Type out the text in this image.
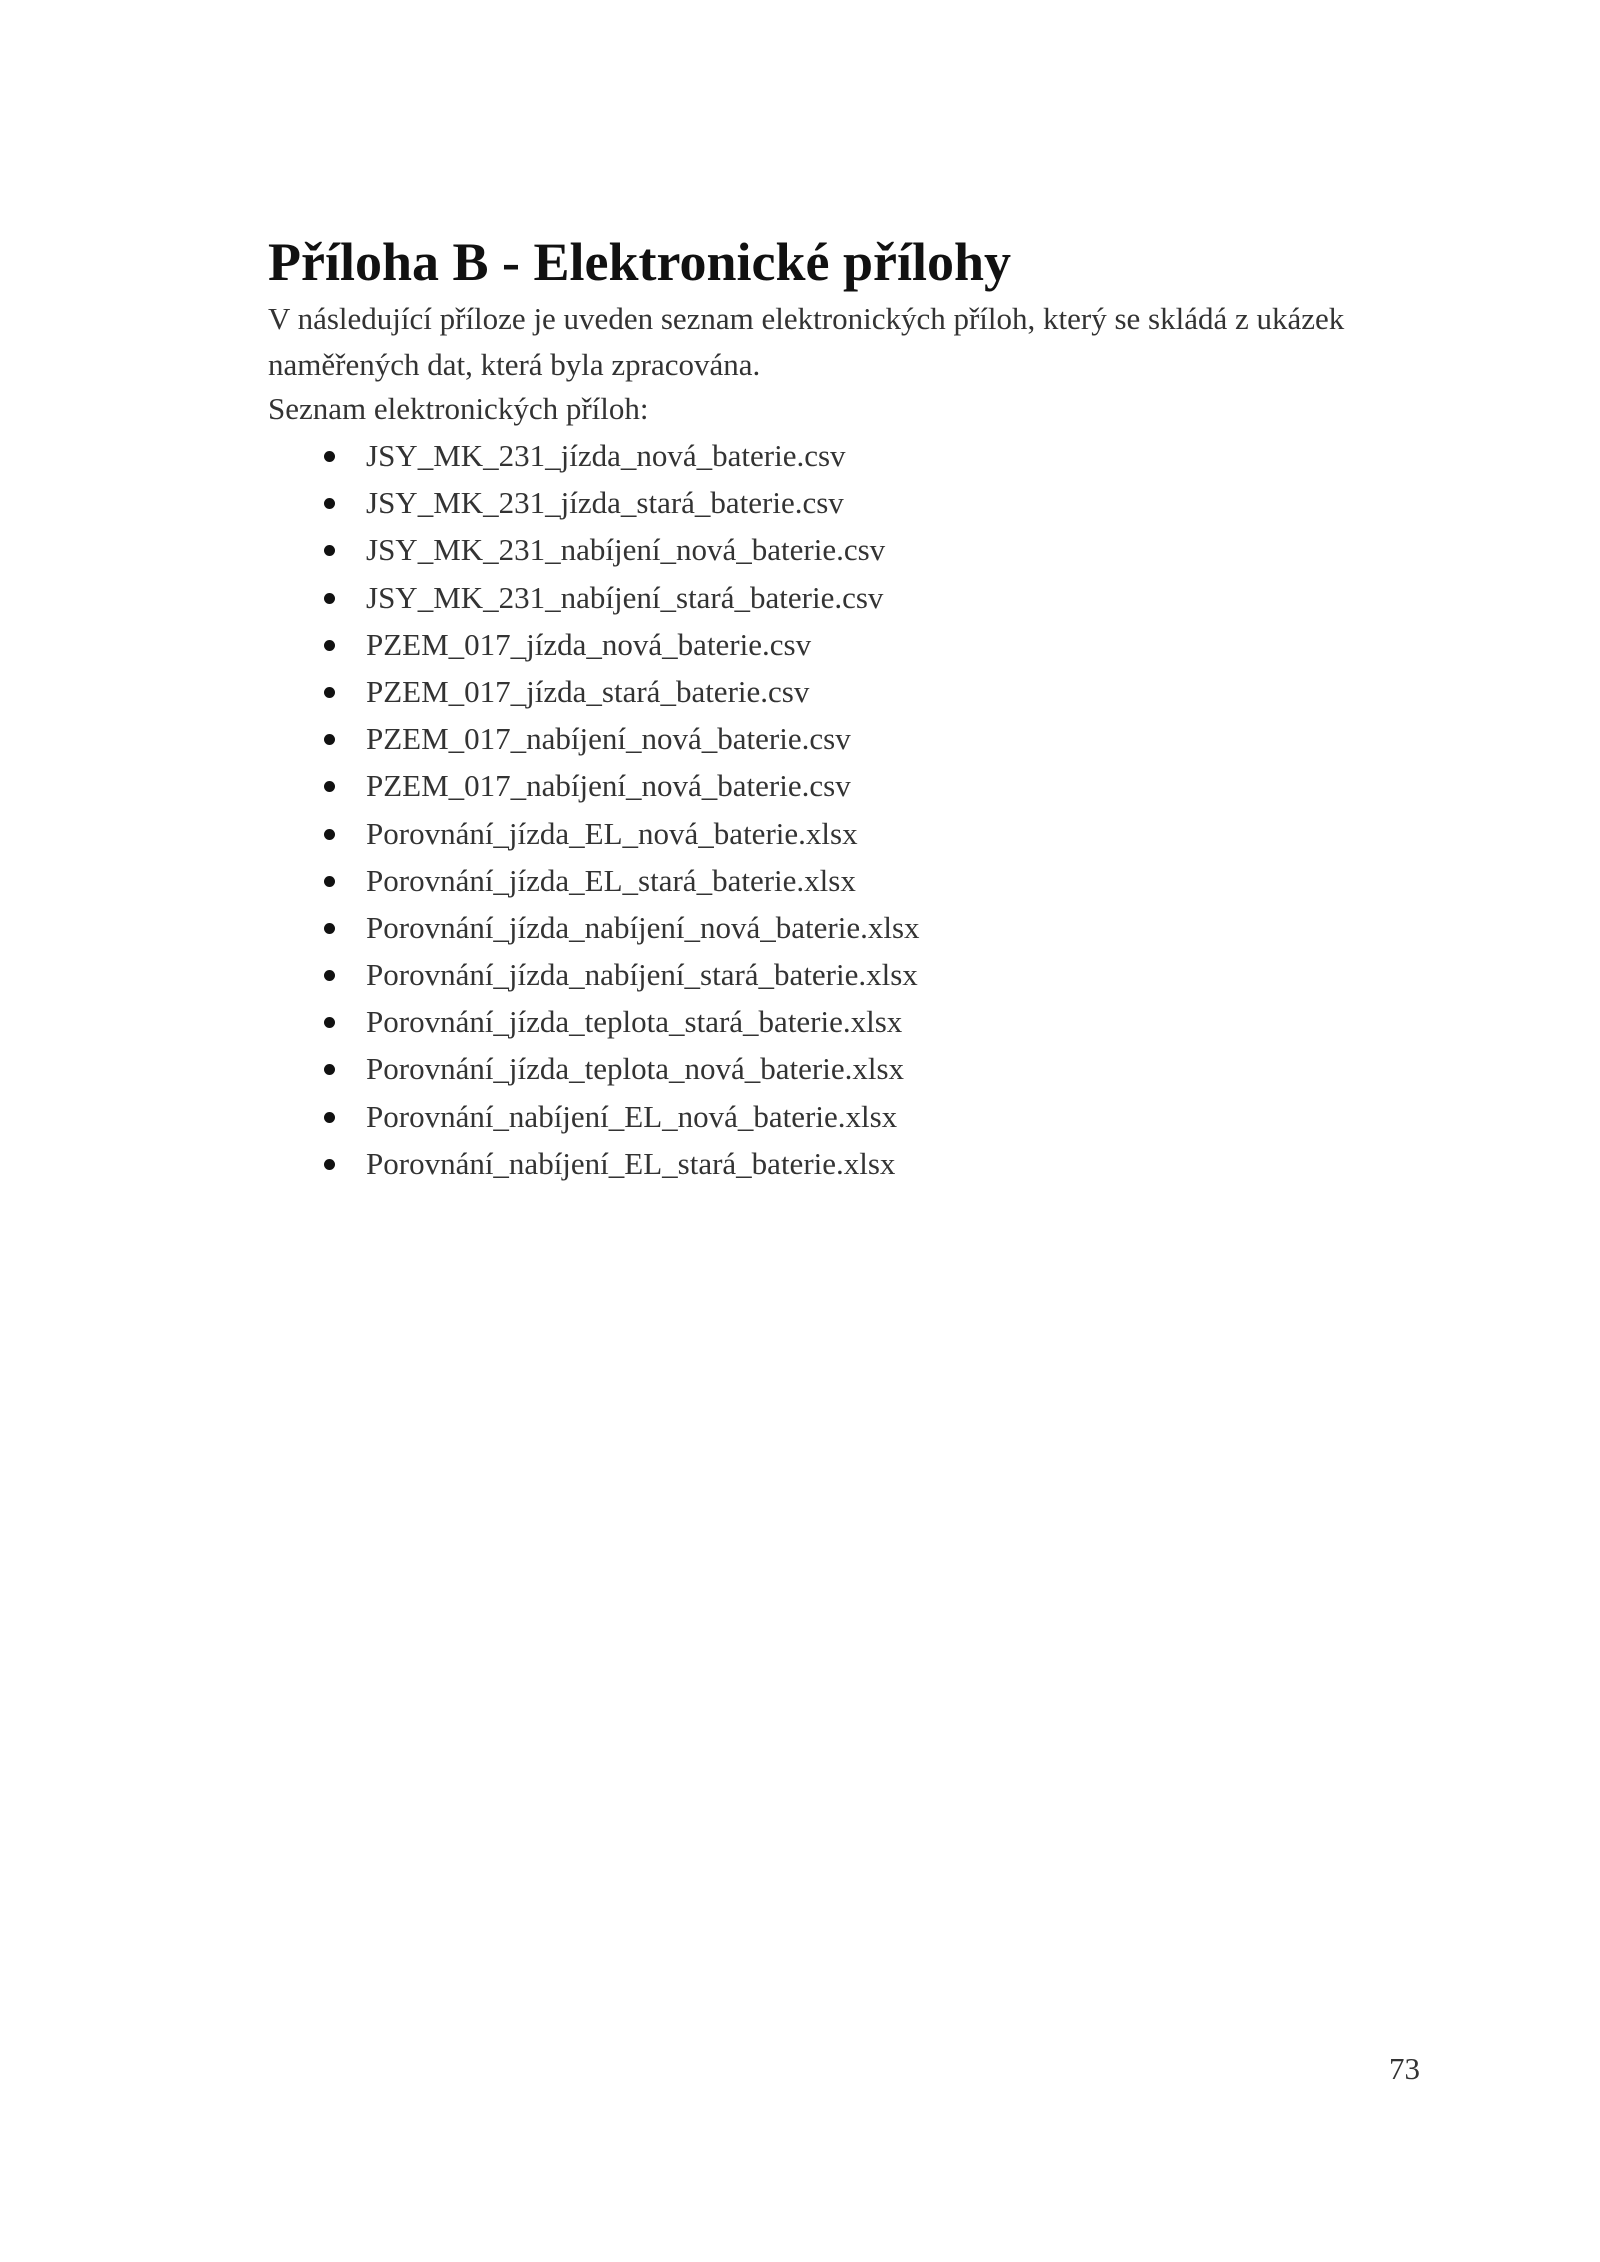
Příloha B - Elektronické přílohy

V následující příloze je uveden seznam elektronických příloh, který se skládá z ukázek naměřených dat, která byla zpracována.

Seznam elektronických příloh:

JSY_MK_231_jízda_nová_baterie.csv
JSY_MK_231_jízda_stará_baterie.csv
JSY_MK_231_nabíjení_nová_baterie.csv
JSY_MK_231_nabíjení_stará_baterie.csv
PZEM_017_jízda_nová_baterie.csv
PZEM_017_jízda_stará_baterie.csv
PZEM_017_nabíjení_nová_baterie.csv
PZEM_017_nabíjení_nová_baterie.csv
Porovnání_jízda_EL_nová_baterie.xlsx
Porovnání_jízda_EL_stará_baterie.xlsx
Porovnání_jízda_nabíjení_nová_baterie.xlsx
Porovnání_jízda_nabíjení_stará_baterie.xlsx
Porovnání_jízda_teplota_stará_baterie.xlsx
Porovnání_jízda_teplota_nová_baterie.xlsx
Porovnání_nabíjení_EL_nová_baterie.xlsx
Porovnání_nabíjení_EL_stará_baterie.xlsx
73
